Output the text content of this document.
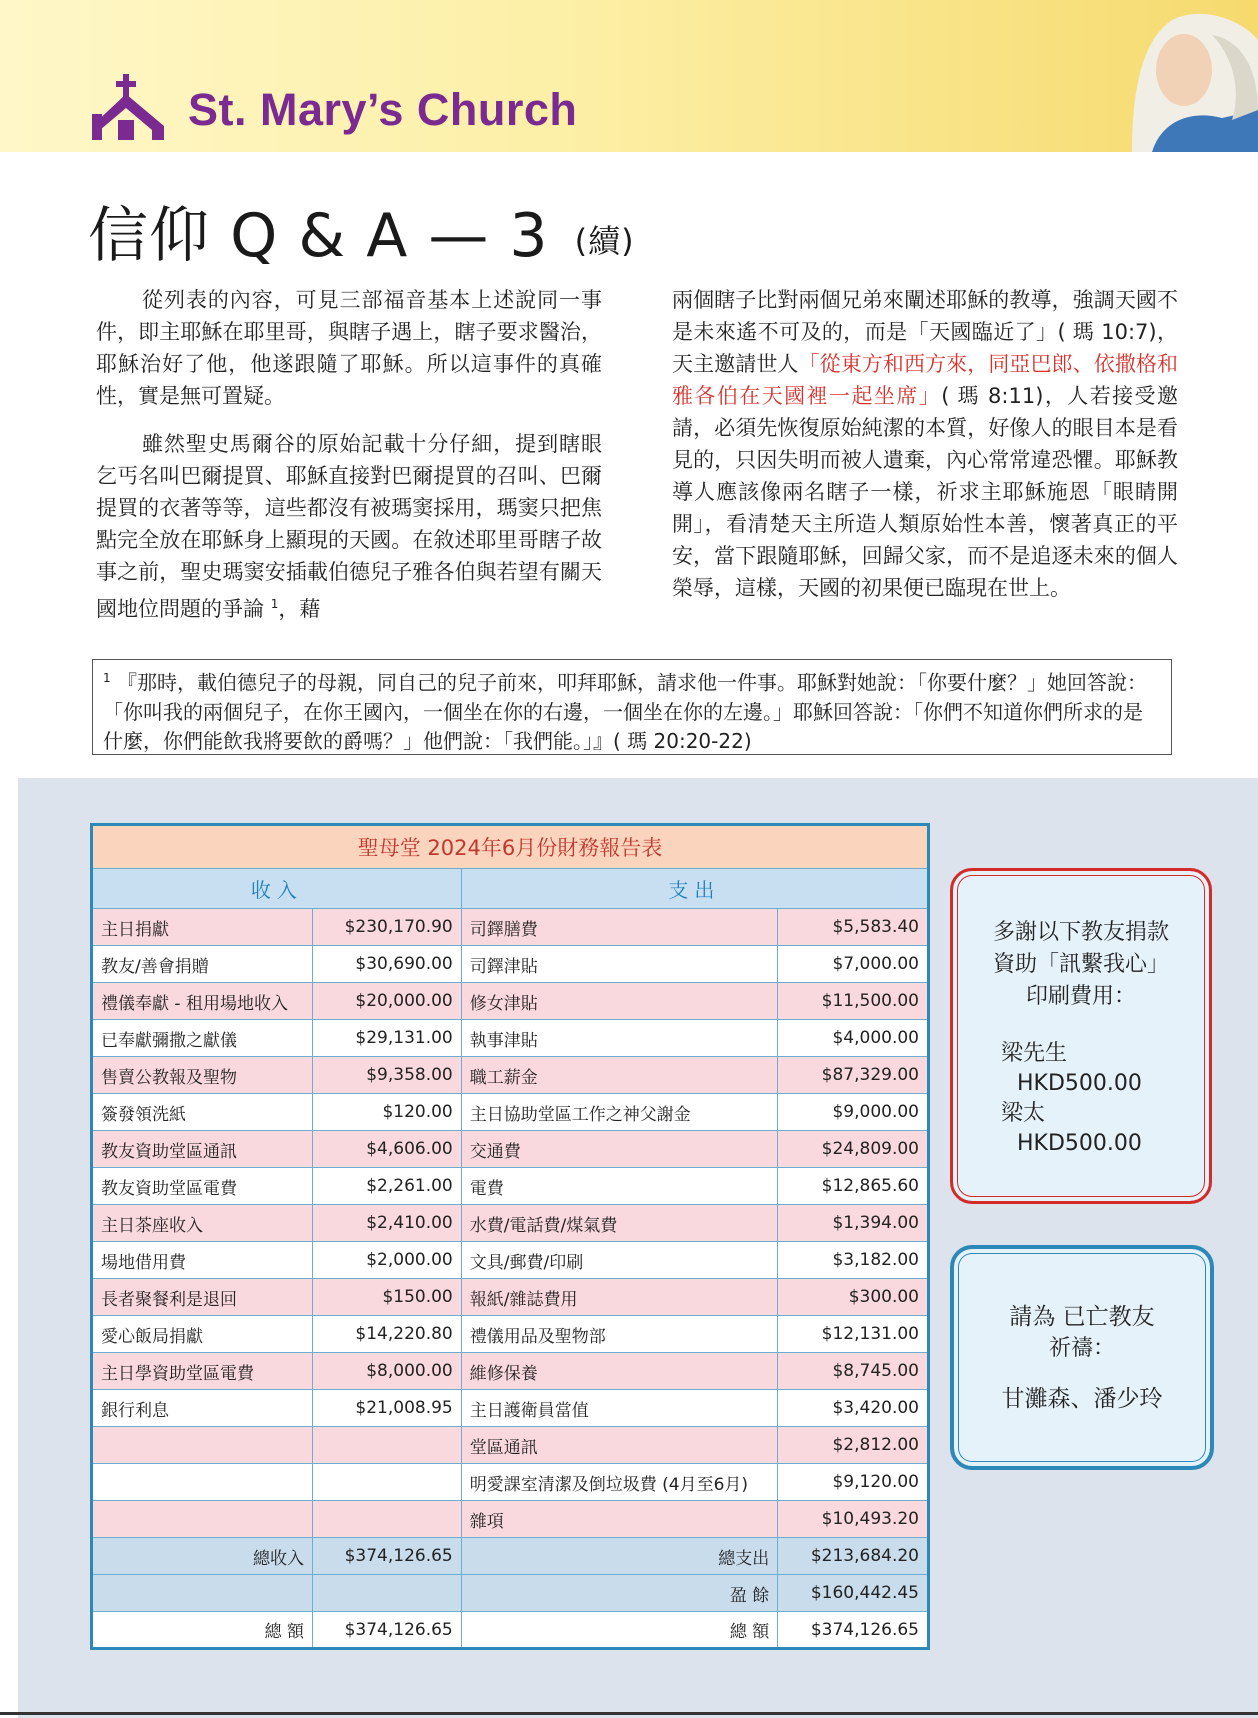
St. Mary’s Church
信仰 Q & A — 3 (續)

從列表的內容，可見三部福音基本上述說同一事件，即主耶穌在耶里哥，與瞎子遇上，瞎子要求醫治，耶穌治好了他，他遂跟隨了耶穌。所以這事件的真確性，實是無可置疑。

雖然聖史馬爾谷的原始記載十分仔細，提到瞎眼乞丐名叫巴爾提買、耶穌直接對巴爾提買的召叫、巴爾提買的衣著等等，這些都沒有被瑪窦採用，瑪窦只把焦點完全放在耶穌身上顯現的天國。在敘述耶里哥瞎子故事之前，聖史瑪窦安插載伯德兒子雅各伯與若望有關天國地位問題的爭論 $^1$，藉

兩個瞎子比對兩個兄弟來闡述耶穌的教導，強調天國不是未來遙不可及的，而是「天國臨近了」( 瑪 10:7)，天主邀請世人「從東方和西方來，同亞巴郎、依撒格和雅各伯在天國裡一起坐席」( 瑪 8:11)，人若接受邀請，必須先恢復原始純潔的本質，好像人的眼目本是看見的，只因失明而被人遺棄，內心常常違恐懼。耶穌教導人應該像兩名瞎子一樣，祈求主耶穌施恩「眼睛開開」，看清楚天主所造人類原始性本善，懷著真正的平安，當下跟隨耶穌，回歸父家，而不是追逐未來的個人榮辱，這樣，天國的初果便已臨現在世上。

$^1$ 『那時，載伯德兒子的母親，同自己的兒子前來，叩拜耶穌，請求他一件事。耶穌對她說：「你要什麼？」她回答說：「你叫我的兩個兒子，在你王國內，一個坐在你的右邊，一個坐在你的左邊。」耶穌回答說：「你們不知道你們所求的是什麼，你們能飲我將要飲的爵嗎？」他們說：「我們能。」』( 瑪 20:20-22)
聖母堂 2024年6月份財務報告表			
收入		支出	
主日捐獻	$230,170.90	司鐸膳費	$5,583.40
教友/善會捐贈	$30,690.00	司鐸津貼	$7,000.00
禮儀奉獻 - 租用場地收入	$20,000.00	修女津貼	$11,500.00
已奉獻彌撒之獻儀	$29,131.00	執事津貼	$4,000.00
售賣公教報及聖物	$9,358.00	職工薪金	$87,329.00
簽發領洗紙	$120.00	主日協助堂區工作之神父謝金	$9,000.00
教友資助堂區通訊	$4,606.00	交通費	$24,809.00
教友資助堂區電費	$2,261.00	電費	$12,865.60
主日茶座收入	$2,410.00	水費/電話費/煤氣費	$1,394.00
場地借用費	$2,000.00	文具/郵費/印刷	$3,182.00
長者聚餐利是退回	$150.00	報紙/雜誌費用	$300.00
愛心飯局捐獻	$14,220.80	禮儀用品及聖物部	$12,131.00
主日學資助堂區電費	$8,000.00	維修保養	$8,745.00
銀行利息	$21,008.95	主日護衛員當值	$3,420.00
		堂區通訊	$2,812.00
		明愛課室清潔及倒垃圾費 (4月至6月)	$9,120.00
		雜項	$10,493.20
總收入	$374,126.65	總支出	$213,684.20
		盈 餘	$160,442.45
總 額	$374,126.65	總 額	$374,126.65
多謝以下教友捐款
資助「訊繫我心」
印刷費用：
梁先生
HKD500.00
梁太
HKD500.00
請為 已亡教友
祈禱：
甘灘森、潘少玲
